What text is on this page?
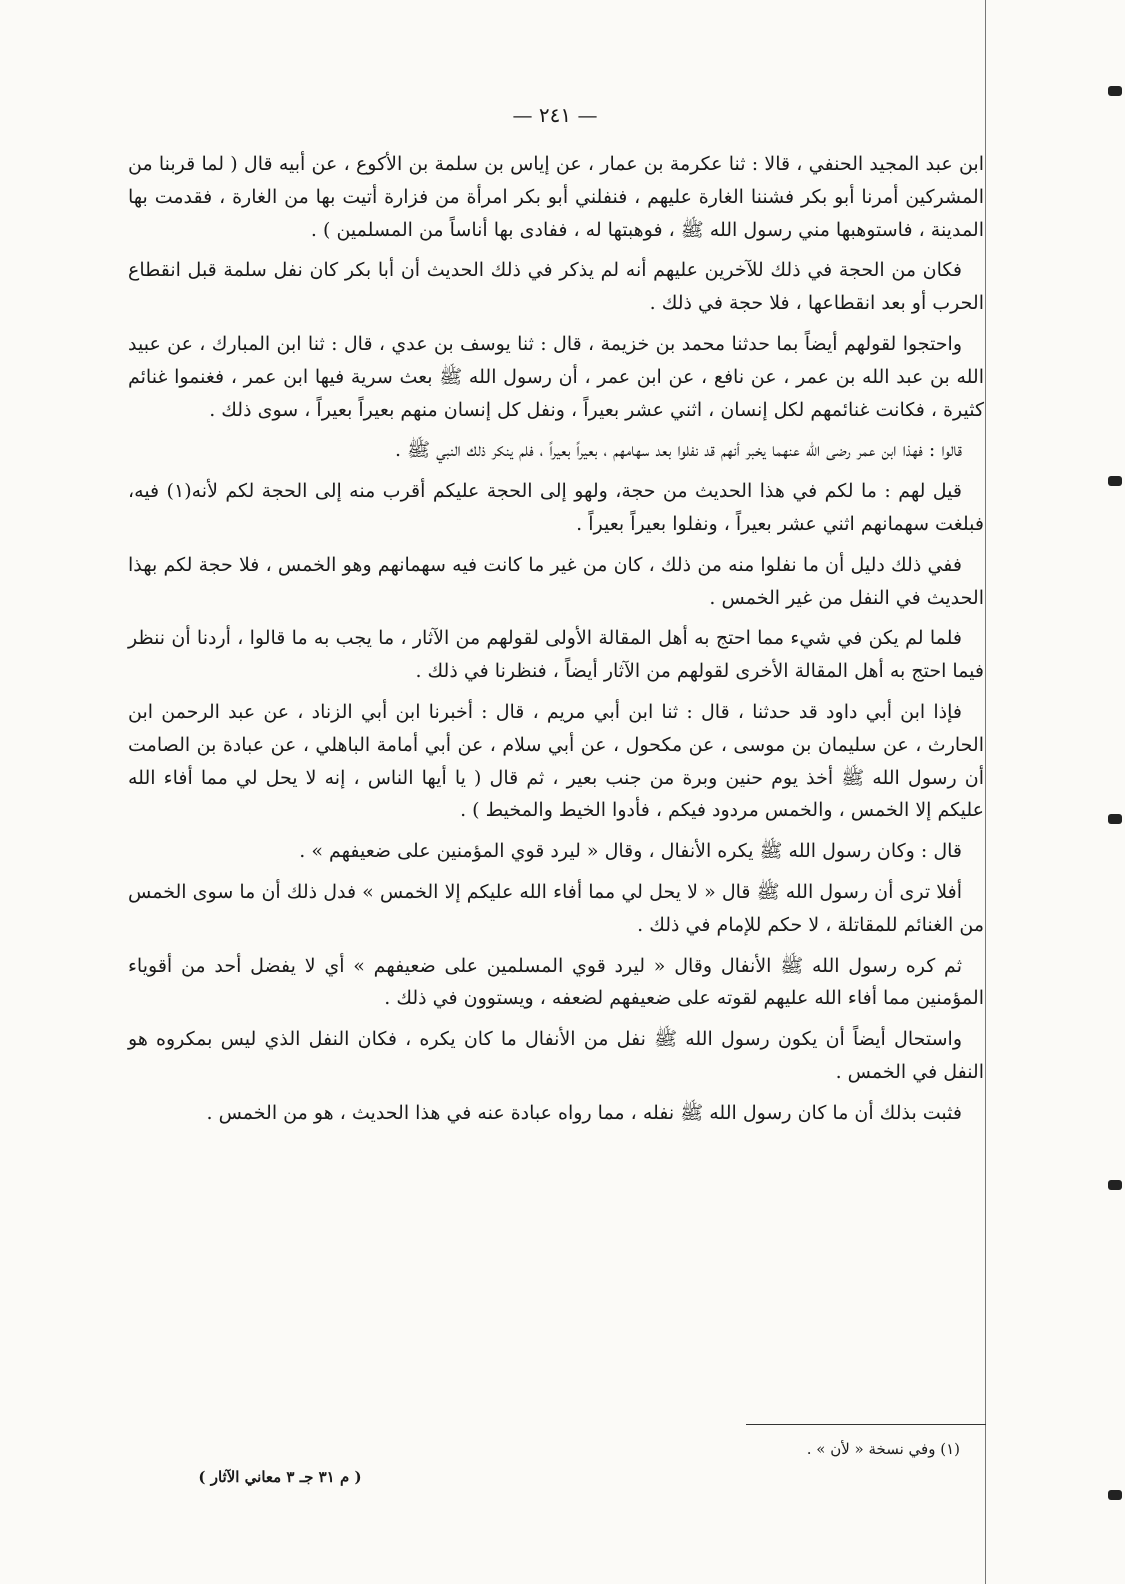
— ٢٤١ —

ابن عبد المجيد الحنفي ، قالا : ثنا عكرمة بن عمار ، عن إياس بن سلمة بن الأكوع ، عن أبيه قال ( لما قربنا من المشركين أمرنا أبو بكر فشننا الغارة عليهم ، فنفلني أبو بكر امرأة من فزارة أتيت بها من الغارة ، فقدمت بها المدينة ، فاستوهبها مني رسول الله ﷺ ، فوهبتها له ، ففادى بها أناساً من المسلمين ) .

فكان من الحجة في ذلك للآخرين عليهم أنه لم يذكر في ذلك الحديث أن أبا بكر كان نفل سلمة قبل انقطاع الحرب أو بعد انقطاعها ، فلا حجة في ذلك .

واحتجوا لقولهم أيضاً بما حدثنا محمد بن خزيمة ، قال : ثنا يوسف بن عدي ، قال : ثنا ابن المبارك ، عن عبيد الله بن عبد الله بن عمر ، عن نافع ، عن ابن عمر ، أن رسول الله ﷺ بعث سرية فيها ابن عمر ، فغنموا غنائم كثيرة ، فكانت غنائمهم لكل إنسان ، اثني عشر بعيراً ، ونفل كل إنسان منهم بعيراً بعيراً ، سوى ذلك .

قالوا : فهذا ابن عمر رضى الله عنهما يخبر أنهم قد نفلوا بعد سهامهم ، بعيراً بعيراً ، فلم ينكر ذلك النبي ﷺ .

قيل لهم : ما لكم في هذا الحديث من حجة، ولهو إلى الحجة عليكم أقرب منه إلى الحجة لكم لأنه(١) فيه، فبلغت سهمانهم اثني عشر بعيراً ، ونفلوا بعيراً بعيراً .

ففي ذلك دليل أن ما نفلوا منه من ذلك ، كان من غير ما كانت فيه سهمانهم وهو الخمس ، فلا حجة لكم بهذا الحديث في النفل من غير الخمس .

فلما لم يكن في شيء مما احتج به أهل المقالة الأولى لقولهم من الآثار ، ما يجب به ما قالوا ، أردنا أن ننظر فيما احتج به أهل المقالة الأخرى لقولهم من الآثار أيضاً ، فنظرنا في ذلك .

فإذا ابن أبي داود قد حدثنا ، قال : ثنا ابن أبي مريم ، قال : أخبرنا ابن أبي الزناد ، عن عبد الرحمن ابن الحارث ، عن سليمان بن موسى ، عن مكحول ، عن أبي سلام ، عن أبي أمامة الباهلي ، عن عبادة بن الصامت أن رسول الله ﷺ أخذ يوم حنين وبرة من جنب بعير ، ثم قال ( يا أيها الناس ، إنه لا يحل لي مما أفاء الله عليكم إلا الخمس ، والخمس مردود فيكم ، فأدوا الخيط والمخيط ) .

قال : وكان رسول الله ﷺ يكره الأنفال ، وقال « ليرد قوي المؤمنين على ضعيفهم » .

أفلا ترى أن رسول الله ﷺ قال « لا يحل لي مما أفاء الله عليكم إلا الخمس » فدل ذلك أن ما سوى الخمس من الغنائم للمقاتلة ، لا حكم للإمام في ذلك .

ثم كره رسول الله ﷺ الأنفال وقال « ليرد قوي المسلمين على ضعيفهم » أي لا يفضل أحد من أقوياء المؤمنين مما أفاء الله عليهم لقوته على ضعيفهم لضعفه ، ويستوون في ذلك .

واستحال أيضاً أن يكون رسول الله ﷺ نفل من الأنفال ما كان يكره ، فكان النفل الذي ليس بمكروه هو النفل في الخمس .

فثبت بذلك أن ما كان رسول الله ﷺ نفله ، مما رواه عبادة عنه في هذا الحديث ، هو من الخمس .

(١) وفي نسخة « لأن » .
( م ٣١ جـ ٣ معاني الآثار )
